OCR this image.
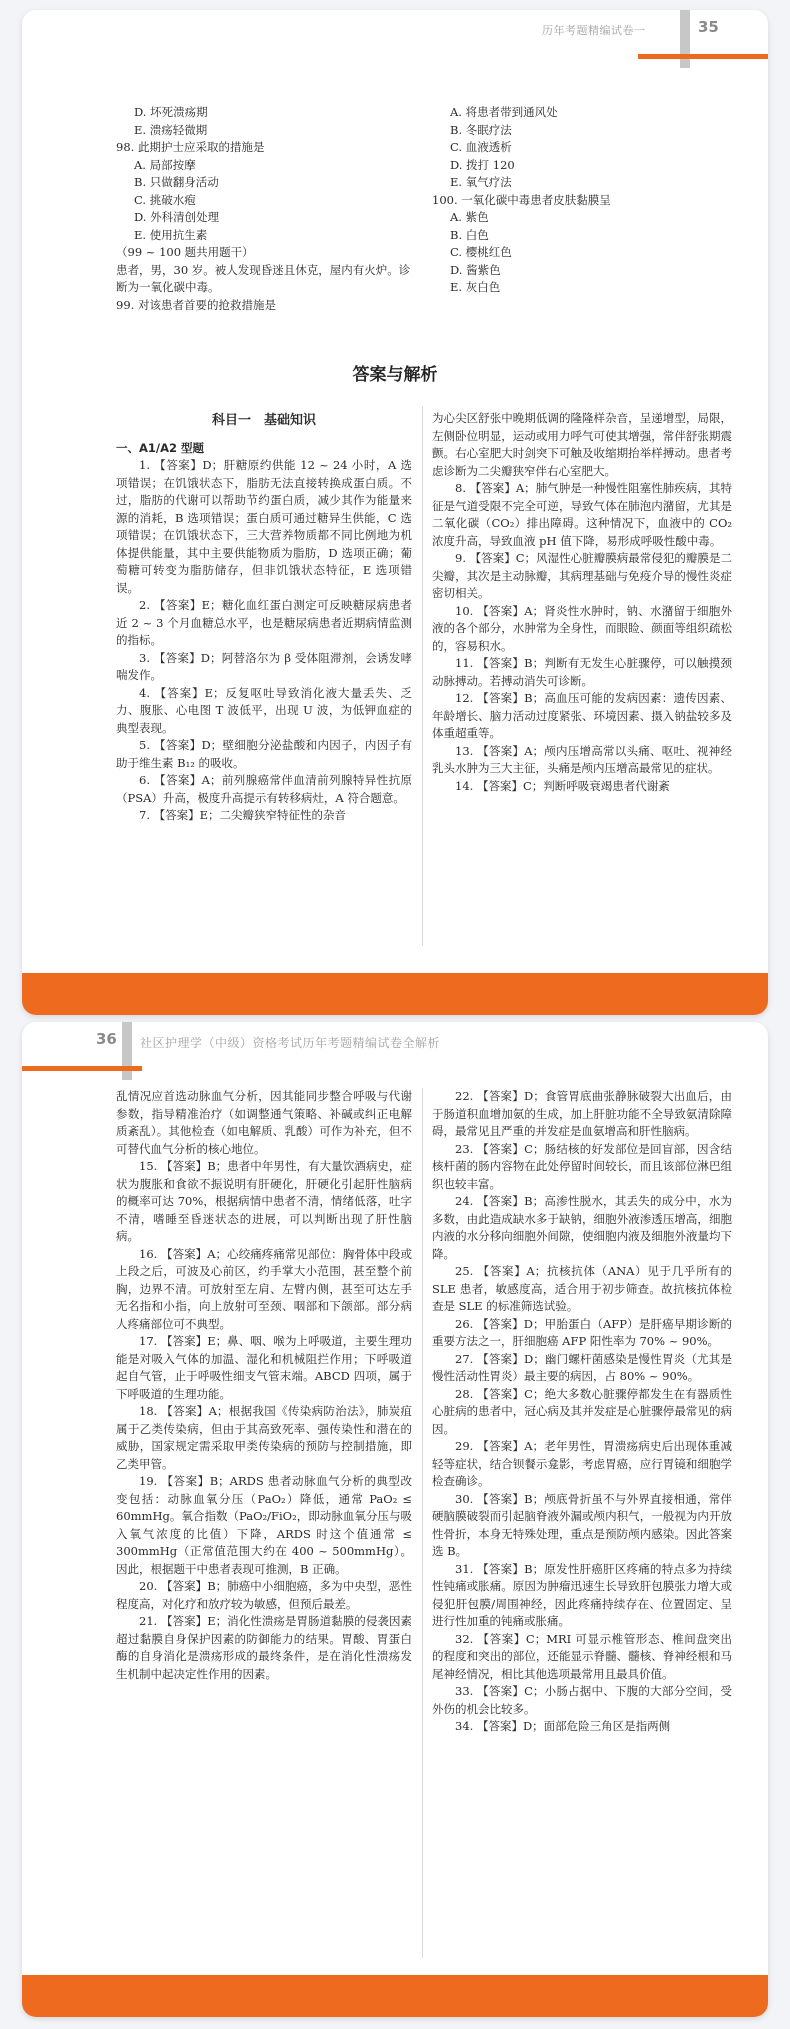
历年考题精编试卷一	35

D. 坏死溃疡期

E. 溃疡轻微期

98. 此期护士应采取的措施是

A. 局部按摩

B. 只做翻身活动

C. 挑破水疱

D. 外科清创处理

E. 使用抗生素

（99 ~ 100 题共用题干）

患者，男，30 岁。被人发现昏迷且休克，屋内有火炉。诊断为一氧化碳中毒。

99. 对该患者首要的抢救措施是

A. 将患者带到通风处

B. 冬眠疗法

C. 血液透析

D. 拨打 120

E. 氧气疗法

100. 一氧化碳中毒患者皮肤黏膜呈

A. 紫色

B. 白色

C. 樱桃红色

D. 酱紫色

E. 灰白色

答案与解析

科目一　基础知识

一、A1/A2 型题

1. 【答案】D；肝糖原约供能 12 ~ 24 小时，A 选项错误；在饥饿状态下，脂肪无法直接转换成蛋白质。不过，脂肪的代谢可以帮助节约蛋白质，减少其作为能量来源的消耗，B 选项错误；蛋白质可通过糖异生供能，C 选项错误；在饥饿状态下，三大营养物质都不同比例地为机体提供能量，其中主要供能物质为脂肪，D 选项正确；葡萄糖可转变为脂肪储存，但非饥饿状态特征，E 选项错误。

2. 【答案】E；糖化血红蛋白测定可反映糖尿病患者近 2 ~ 3 个月血糖总水平，也是糖尿病患者近期病情监测的指标。

3. 【答案】D；阿替洛尔为 β 受体阻滞剂，会诱发哮喘发作。

4. 【答案】E；反复呕吐导致消化液大量丢失、乏力、腹胀、心电图 T 波低平，出现 U 波，为低钾血症的典型表现。

5. 【答案】D；壁细胞分泌盐酸和内因子，内因子有助于维生素 B₁₂ 的吸收。

6. 【答案】A；前列腺癌常伴血清前列腺特异性抗原（PSA）升高，极度升高提示有转移病灶，A 符合题意。

7. 【答案】E；二尖瓣狭窄特征性的杂音

为心尖区舒张中晚期低调的隆隆样杂音，呈递增型，局限，左侧卧位明显，运动或用力呼气可使其增强，常伴舒张期震颤。右心室肥大时剑突下可触及收缩期抬举样搏动。患者考虑诊断为二尖瓣狭窄伴右心室肥大。

8. 【答案】A；肺气肿是一种慢性阻塞性肺疾病，其特征是气道受限不完全可逆，导致气体在肺泡内潴留，尤其是二氧化碳（CO₂）排出障碍。这种情况下，血液中的 CO₂ 浓度升高，导致血液 pH 值下降，易形成呼吸性酸中毒。

9. 【答案】C；风湿性心脏瓣膜病最常侵犯的瓣膜是二尖瓣，其次是主动脉瓣，其病理基础与免疫介导的慢性炎症密切相关。

10. 【答案】A；肾炎性水肿时，钠、水潴留于细胞外液的各个部分，水肿常为全身性，而眼睑、颜面等组织疏松的，容易积水。

11. 【答案】B；判断有无发生心脏骤停，可以触摸颈动脉搏动。若搏动消失可诊断。

12. 【答案】B；高血压可能的发病因素：遗传因素、年龄增长、脑力活动过度紧张、环境因素、摄入钠盐较多及体重超重等。

13. 【答案】A；颅内压增高常以头痛、呕吐、视神经乳头水肿为三大主征，头痛是颅内压增高最常见的症状。

14. 【答案】C；判断呼吸衰竭患者代谢紊

36 社区护理学（中级）资格考试历年考题精编试卷全解析

乱情况应首选动脉血气分析，因其能同步整合呼吸与代谢参数，指导精准治疗（如调整通气策略、补碱或纠正电解质紊乱）。其他检查（如电解质、乳酸）可作为补充，但不可替代血气分析的核心地位。

15. 【答案】B；患者中年男性，有大量饮酒病史，症状为腹胀和食欲不振说明有肝硬化，肝硬化引起肝性脑病的概率可达 70%，根据病情中患者不清，情绪低落，吐字不清，嗜睡至昏迷状态的进展，可以判断出现了肝性脑病。

16. 【答案】A；心绞痛疼痛常见部位：胸骨体中段或上段之后，可波及心前区，约手掌大小范围，甚至整个前胸，边界不清。可放射至左肩、左臂内侧，甚至可达左手无名指和小指，向上放射可至颈、咽部和下颌部。部分病人疼痛部位可不典型。

17. 【答案】E；鼻、咽、喉为上呼吸道，主要生理功能是对吸入气体的加温、湿化和机械阻拦作用；下呼吸道起自气管，止于呼吸性细支气管末端。ABCD 四项，属于下呼吸道的生理功能。

18. 【答案】A；根据我国《传染病防治法》，肺炭疽属于乙类传染病，但由于其高致死率、强传染性和潜在的威胁，国家规定需采取甲类传染病的预防与控制措施，即乙类甲管。

19. 【答案】B；ARDS 患者动脉血气分析的典型改变包括：动脉血氧分压（PaO₂）降低，通常 PaO₂ ≤ 60mmHg。氧合指数（PaO₂/FiO₂，即动脉血氧分压与吸入氧气浓度的比值）下降，ARDS 时这个值通常 ≤ 300mmHg（正常值范围大约在 400 ~ 500mmHg）。因此，根据题干中患者表现可推测，B 正确。

20. 【答案】B；肺癌中小细胞癌，多为中央型，恶性程度高，对化疗和放疗较为敏感，但预后最差。

21. 【答案】E；消化性溃疡是胃肠道黏膜的侵袭因素超过黏膜自身保护因素的防御能力的结果。胃酸、胃蛋白酶的自身消化是溃疡形成的最终条件，是在消化性溃疡发生机制中起决定性作用的因素。

22. 【答案】D；食管胃底曲张静脉破裂大出血后，由于肠道积血增加氨的生成，加上肝脏功能不全导致氨清除障碍，最常见且严重的并发症是血氨增高和肝性脑病。

23. 【答案】C；肠结核的好发部位是回盲部，因含结核杆菌的肠内容物在此处停留时间较长，而且该部位淋巴组织也较丰富。

24. 【答案】B；高渗性脱水，其丢失的成分中，水为多数，由此造成缺水多于缺钠，细胞外液渗透压增高，细胞内液的水分移向细胞外间隙，使细胞内液及细胞外液量均下降。

25. 【答案】A；抗核抗体（ANA）见于几乎所有的 SLE 患者，敏感度高，适合用于初步筛查。故抗核抗体检查是 SLE 的标准筛选试验。

26. 【答案】D；甲胎蛋白（AFP）是肝癌早期诊断的重要方法之一，肝细胞癌 AFP 阳性率为 70% ~ 90%。

27. 【答案】D；幽门螺杆菌感染是慢性胃炎（尤其是慢性活动性胃炎）最主要的病因，占 80% ~ 90%。

28. 【答案】C；绝大多数心脏骤停都发生在有器质性心脏病的患者中，冠心病及其并发症是心脏骤停最常见的病因。

29. 【答案】A；老年男性，胃溃疡病史后出现体重减轻等症状，结合钡餐示龛影，考虑胃癌，应行胃镜和细胞学检查确诊。

30. 【答案】B；颅底骨折虽不与外界直接相通，常伴硬脑膜破裂而引起脑脊液外漏或颅内积气，一般视为内开放性骨折，本身无特殊处理，重点是预防颅内感染。因此答案选 B。

31. 【答案】B；原发性肝癌肝区疼痛的特点多为持续性钝痛或胀痛。原因为肿瘤迅速生长导致肝包膜张力增大或侵犯肝包膜/周围神经，因此疼痛持续存在、位置固定、呈进行性加重的钝痛或胀痛。

32. 【答案】C；MRI 可显示椎管形态、椎间盘突出的程度和突出的部位，还能显示脊髓、髓核、脊神经根和马尾神经情况，相比其他选项最常用且最具价值。

33. 【答案】C；小肠占据中、下腹的大部分空间，受外伤的机会比较多。

34. 【答案】D；面部危险三角区是指两侧
